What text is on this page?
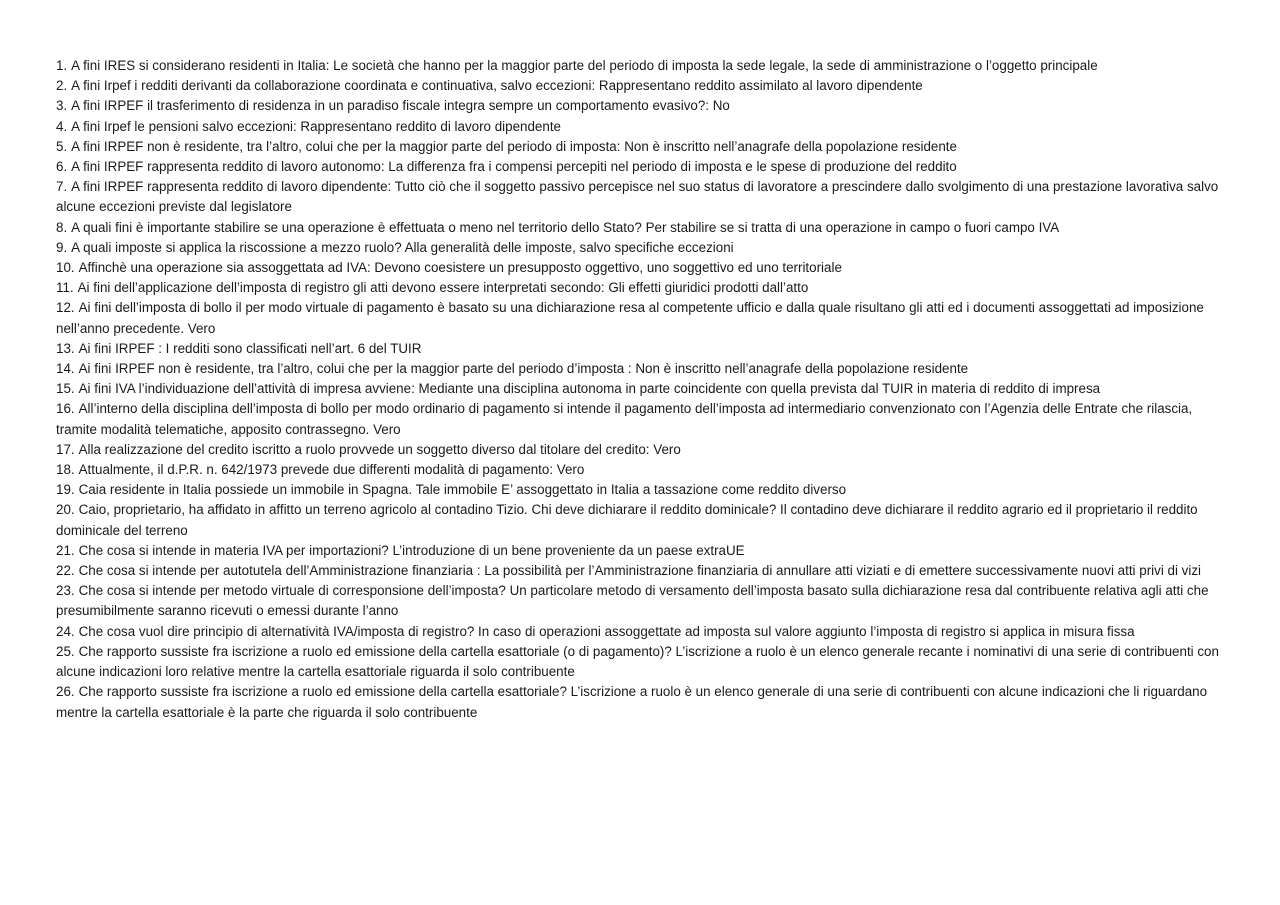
1. A fini IRES si considerano residenti in Italia: Le società che hanno per la maggior parte del periodo di imposta la sede legale, la sede di amministrazione o l’oggetto principale
2. A fini Irpef i redditi derivanti da collaborazione coordinata e continuativa, salvo eccezioni: Rappresentano reddito assimilato al lavoro dipendente
3. A fini IRPEF il trasferimento di residenza in un paradiso fiscale integra sempre un comportamento evasivo?: No
4. A fini Irpef le pensioni salvo eccezioni: Rappresentano reddito di lavoro dipendente
5. A fini IRPEF non è residente, tra l’altro, colui che per la maggior parte del periodo di imposta: Non è inscritto nell’anagrafe della popolazione residente
6. A fini IRPEF rappresenta reddito di lavoro autonomo: La differenza fra i compensi percepiti nel periodo di imposta e le spese di produzione del reddito
7. A fini IRPEF rappresenta reddito di lavoro dipendente: Tutto ciò che il soggetto passivo percepisce nel suo status di lavoratore a prescindere dallo svolgimento di una prestazione lavorativa salvo alcune eccezioni previste dal legislatore
8. A quali fini è importante stabilire se una operazione è effettuata o meno nel territorio dello Stato? Per stabilire se si tratta di una operazione in campo o fuori campo IVA
9. A quali imposte si applica la riscossione a mezzo ruolo? Alla generalità delle imposte, salvo specifiche eccezioni
10. Affinchè una operazione sia assoggettata ad IVA: Devono coesistere un presupposto oggettivo, uno soggettivo ed uno territoriale
11. Ai fini dell’applicazione dell’imposta di registro gli atti devono essere interpretati secondo: Gli effetti giuridici prodotti dall’atto
12. Ai fini dell’imposta di bollo il per modo virtuale di pagamento è basato su una dichiarazione resa al competente ufficio e dalla quale risultano gli atti ed i documenti assoggettati ad imposizione nell’anno precedente. Vero
13. Ai fini IRPEF : I redditi sono classificati nell’art. 6 del TUIR
14. Ai fini IRPEF non è residente, tra l’altro, colui che per la maggior parte del periodo d’imposta : Non è inscritto nell’anagrafe della popolazione residente
15. Ai fini IVA l’individuazione dell’attività di impresa avviene: Mediante una disciplina autonoma in parte coincidente con quella prevista dal TUIR in materia di reddito di impresa
16. All’interno della disciplina dell’imposta di bollo per modo ordinario di pagamento si intende il pagamento dell’imposta ad intermediario convenzionato con l’Agenzia delle Entrate che rilascia, tramite modalità telematiche, apposito contrassegno. Vero
17. Alla realizzazione del credito iscritto a ruolo provvede un soggetto diverso dal titolare del credito: Vero
18. Attualmente, il d.P.R. n. 642/1973 prevede due differenti modalità di pagamento: Vero
19. Caia residente in Italia possiede un immobile in Spagna. Tale immobile E’ assoggettato in Italia a tassazione come reddito diverso
20. Caio, proprietario, ha affidato in affitto un terreno agricolo al contadino Tizio. Chi deve dichiarare il reddito dominicale? Il contadino deve dichiarare il reddito agrario ed il proprietario il reddito dominicale del terreno
21. Che cosa si intende in materia IVA per importazioni? L’introduzione di un bene proveniente da un paese extraUE
22. Che cosa si intende per autotutela dell’Amministrazione finanziaria : La possibilità per l’Amministrazione finanziaria di annullare atti viziati e di emettere successivamente nuovi atti privi di vizi
23. Che cosa si intende per metodo virtuale di corresponsione dell’imposta? Un particolare metodo di versamento dell’imposta basato sulla dichiarazione resa dal contribuente relativa agli atti che presumibilmente saranno ricevuti o emessi durante l’anno
24. Che cosa vuol dire principio di alternatività IVA/imposta di registro? In caso di operazioni assoggettate ad imposta sul valore aggiunto l’imposta di registro si applica in misura fissa
25. Che rapporto sussiste fra iscrizione a ruolo ed emissione della cartella esattoriale (o di pagamento)? L’iscrizione a ruolo è un elenco generale recante i nominativi di una serie di contribuenti con alcune indicazioni loro relative mentre la cartella esattoriale riguarda il solo contribuente
26. Che rapporto sussiste fra iscrizione a ruolo ed emissione della cartella esattoriale? L’iscrizione a ruolo è un elenco generale di una serie di contribuenti con alcune indicazioni che li riguardano mentre la cartella esattoriale è la parte che riguarda il solo contribuente
